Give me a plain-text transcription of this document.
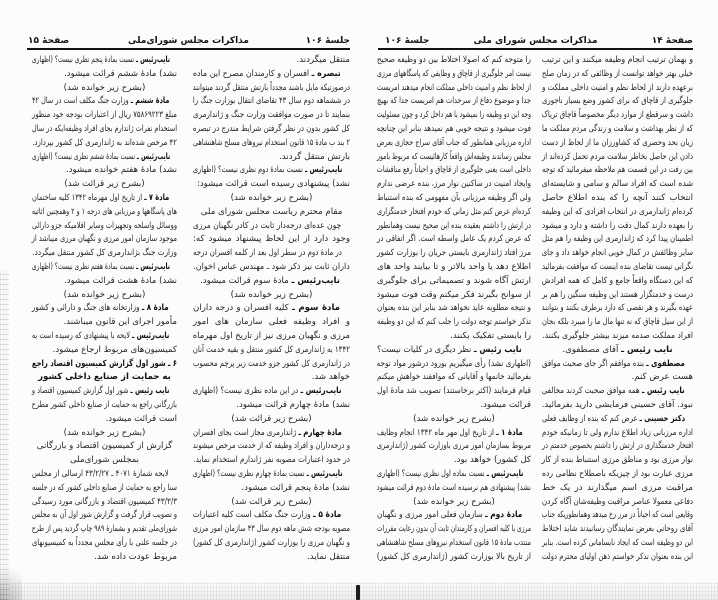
صفحهٔ ۱۴
مذاکرات مجلس شورای ملی
جلسهٔ ۱۰۶
و بهمان ترتیب انجام وظیفه میکنند و این ترتیب
خیلی بهتر خواهد توانست از وظائفی که در زمان صلح
برعهده دارند از لحاظ نظم و امنیت داخلی مملکت و
جلوگیری از قاچاق که برای کشور وضع بسیار ناجوری
داشت و سرقطع از موارد دیگر مخصوصاً قاچاق تریاک
که از نظر بهداشت و سلامت و زندگی مردم مملکت ما
زیان بحد وحصری که کشاورزان ما از لحاظ از دست
دادن این حاصل بخاطر سلامت مردم تحمل کرده‌اند از
بین رفت در این قسمت هم ملاحظه میفرمائید که توجه
شده است که افراد سالم و سامی و شایسته‌ای
انتخاب کنند آنچه را که بنده اطلاع حاصل
کرده‌ام ژاندارمری در انتخاب افرادی که این وظیفه
را بعهده دارند کمال دقت را داشته و دارد و میشود
اطمینان پیدا کرد که ژاندارمری این وظیفه را هم مثل
سایر وظائفش در کمال خوبی انجام خواهد داد و جای
نگرانی نیست تقاضای بنده اینست که موافقت بفرمائید
که این دستگاه واقعاً جامع و کامل که همه افرادش
درست و خدمتگزار هستند این وظیفه سنگین را هم بر
عهده بگیرند و هر نقصی که دارد برطرف بکنند و بتوانند
از این سیل قاچاق که نه تنها مال ما را میبرد بلکه بجان
افراد مملکت صدمه میزند بیشتر جلوگیری بکنند.
نایب رئیس ـ آقای مصطفوی.
مصطفوی ـ بنده موافقم اگر جای صحبت موافق
هست عرض کنم.
نایب رئیس ـ همه موافق صحبت کردند مخالفی
نبود. آقای حسینی فرمایشی دارید بفرمائید.
دکتر حسینی ـ عرض کنم که بنده از وظایف فعلی
اداره مرزبانی زیاد اطلاع ندارم ولی تا زمانیکه خودم
افتخار خدمتگذاری در ارتش را داشتم بخصوص خدمتم در
نوار مرزی بود و مناطق مرزی استنباط بنده از کار
مرزی عبارت بود از چیزیکه باصطلاح نظامی رده
مراقبت مرزی اسم میگذارند در یک خط
دفاعی معمولا عناصر مراقبت وظیفه‌شان آگاه کردن
وقایعی است که احیاناً در مرز رخ میدهد وهمانطوریکه جناب
آقای روحانی بعرض نمایندگان رسانیدند شاید اختلاط
این دو وظیفه است که ایجاد نابسامانی کرده است. بنابر
این بنده بعنوان تذکر خواستم ذهن اولیای محترم دولت
را متوجه کنم که اصولا اختلاط بین دو وظیفه صحیح
نیست امر جلوگیری از قاچاق و وظایفی که پاسگاههای مرزی
از لحاظ نظم و امنیت داخلی مملکت انجام میدهند امریست
جدا و موضوع دفاع از سرحدات هم امریست جدا که بهیچ
وجه این دو وظیفه را نمیشود با هم داخل کرد و چون مسئولیت
فوت میشود و نتیجه خوبی هم نمیدهد بنابر این چنانچه
اداره مرزبانی همانطور که جناب آقای سراج حجازی بعرض
مجلس رساندند وظیفه‌اش واقعاً کارهائیست که مربوط بامور
داخلی است یعنی جلوگیری از قاچاق و احیاناً رفع مناقشات
وایجاد امنیت در ساکنین نوار مرز، بنده عرضی ندارم
ولی اگر وظیفه مرزبانی بآن مفهومی که بنده استنباط
کرده‌ام عرض کنم مثل زمانی که خودم افتخار خدمتگزاری
در ارتش را داشتم بعقیده بنده این صحیح نیست وهمانطور
که عرض کردم یک عامل واسطه است. اگر اتفاقی در
مرز افتاد ژاندارمری بایستی جریان را بوزارت کشور
اطلاع دهد یا واحد بالاتر و تا بیایند واحد های
ارتش آگاه شوند و تصمیماتی برای جلوگیری
از سوانح بگیرند فکر میکنم وقت فوت میشود
و نتیجه مطلوبه عاید نخواهد شد بنابر این بنده بعنوان
تذکر خواستم توجه دولت را جلب کنم که این دو وظیفه
را بایستی تفکیک بکنند.
نایب رئیس ـ نظر دیگری در کلیات نیست؟
(اظهاری نشد) رأی میگیریم بورود درشور مواد توجه
بفرمائید خانمها و آقایانی که موافقند خواهش میکنم
قیام فرمایند (اکثر برخاستند) تصویب شد مادهٔ اول
قرائت میشود.
(بشرح زیر خوانده شد)
مادهٔ ۱ ـ از تاریخ اول مهر ماه ۱۳۴۲ انجام وظایف
مربوط بسازمان امور مرزی باوزارت کشور (ژاندارمری
کل کشور) خواهد بود.
نایب‌رئیس ـ نسبت بماده اول نظری نیست؟ (اظهاری
نشد) پیشنهادی هم نرسیده است مادهٔ دوم قرائت میشود
(بشرح زیر خوانده شد)
مادهٔ دوم ـ سازمان فعلی امور مرزی و نگهبان
مرزی با کلیه افسران و کارمندان ثابت آن بدون رعایت مقررات
منتدب مادهٔ ۱۵ قانون استخدام نیروهای مسلح شاهنشاهی
از تاریخ بالا بوزارت کشور (ژاندارمری کل کشور)
جلسهٔ ۱۰۶
مذاکرات مجلس شورای‌ملی
صفحهٔ ۱۵
منتقل میگردند.
تبصره ـ افسران و کارمندان مصرح این ماده
درصورتیکه مایل باشند مجدداً بارتش منتقل گردند میتوانند
در ششماهه دوم سال ۴۳ تقاضای انتقال بوزارت جنگ را
بنمایند تا در صورت موافقت وزارت جنگ و ژاندارمری
کل کشور بدون در نظر گرفتن شرایط مندرج در تبصره
۲ بند ب مادهٔ ۱۵ قانون استخدام نیروهای مسلح شاهنشاهی
بارتش منتقل گردند.
نایب‌رئیس ـ نسبت بمادهٔ دوم نظری نیست؟ (اظهاری
نشد) پیشنهادی رسیده است قرائت میشود:
(بشرح زیر خوانده شد)
مقام محترم ریاست مجلس شورای ملی
چون عده‌ای درجه‌دار ثابت در کادر نگهبان مرزی
وجود دارد از این لحاظ پیشنهاد میشود که:
در مادهٔ دوم در سطر اول بعد از کلمه افسران درجه
داران ثابت نیز ذکر شود ـ مهندس عباس اخوان.
نایب‌رئیس ـ مادهٔ سوم قرائت میشود.
(بشرح زیر خوانده شد)
مادهٔ سوم ـ کلیه افسران و درجه داران
و افراد وظیفه فعلی سازمان های امور
مرزی و نگهبان مرزی نیز از تاریخ اول مهرماه
۱۳۴۲ به ژاندارمری کل کشور منتقل و بقیه خدمت آنان
در ژاندارمری کل کشور جزو خدمت زیر پرچم محسوب
خواهد شد.
نایب‌رئیس ـ در این ماده نظری نیست؟ (اظهاری
نشد) مادهٔ چهارم قرائت میشود.
(بشرح زیر قرائت شد)
مادهٔ چهارم ـ ژاندارمری مجاز است بجای افسران
و درجه‌داران و افراد وظیفه که از خدمت مرخص میشوند
در حدود اعتبارات مصوبه نفر ژاندارم استخدام نماید.
نایب‌رئیس ـ نسبت بمادهٔ چهارم نظری نیست؟ (اظهاری
نشد) مادهٔ پنجم قرائت میشود.
(بشرح زیر قرائت شد)
مادهٔ ۵ ـ وزارت جنگ مکلف است کلیه اعتبارات
مصوبه بودجه شش ماهه دوم سال ۴۳ سازمان امور مرزی
و نگهبان مرزی را بوزارت کشور (ژاندارمری کل کشور)
منتقل نماید.
نایب‌رئیس ـ نسبت بمادهٔ پنجم نظری نیست؟ (اظهاری
نشد) مادهٔ ششم قرائت میشود.
(بشرح زیر خوانده شد)
مادهٔ ششم ـ وزارت جنگ مکلف است در سال ۴۲
مبلغ ۷۵۸۶۹۲۲۳ ریال از اعتبارات بودجه خود منظور
استخدام نفرات ژاندارم بجای افراد وظیفه‌ایکه در سال
۴۲ مرخص شده‌اند به ژاندارمری کل کشور بپردازد.
نایب‌رئیس ـ نسبت بمادهٔ ششم نظری نیست؟ (اظهاری
نشد) مادهٔ هفتم خوانده میشود.
(بشرح زیر قرائت شد)
مادهٔ ۷ ـ از تاریخ اول مهرماه ۱۳۴۲ کلیه ساختمان
های پاسگاهها و مرزبانی های درجه ۱ و ۲ وهمچنین اثاثیه
ووسائل واسلحه وتجهیزات وسایر اقلامیکه جزو دارائی
موجود سازمان امور مرزی و نگهبان مرزی میباشد از
وزارت جنگ بژاندارمری کل کشور منتقل میگردد.
نایب‌رئیس ـ نسبت بمادهٔ هفتم نظری نیست؟ (اظهاری
نشد) مادهٔ هشت قرائت میشود.
(بشرح زیر خوانده شد)
مادهٔ ۸ ـ وزارتخانه های جنگ و دارائی و کشور
مأمور اجرای این قانون میباشند.
نایب‌رئیس ـ لایحه با پیشنهادی که رسیده است به
کمیسیون‌های مربوط ارجاع میشود.
۶ ـ شور اول گزارش کمیسیون اقتصاد راجع
به حمایت از صنایع داخلی کشور
نایب رئیس ـ شور اول گزارش کمیسیون اقتصاد و
بازرگانی راجع به حمایت از صنایع داخلی کشور مطرح
است قرائت میشود.
(بشرح زیر خوانده شد)
گزارش از کمیسیون اقتصاد و بازرگانی
بمجلس شورای‌ملی
لایحه شمارهٔ ۴۰۷۱ ـ ۴۳/۲/۲۷ ارسالی از مجلس
سنا راجع به حمایت از صنایع داخلی کشور که در جلسه
۴۳/۳/۳ کمیسیون اقتصاد و بازرگانی مورد رسیدگی
و تصویب قرار گرفت و گزارش شور اول آن به مجلس
شورای‌ملی تقدیم و بشمارهٔ ۹۸۹ چاپ گردید پس از طرح
در جلسه علنی با رأی مجلس مجدداً به کمیسیونهای
مربوط عودت داده شد.
